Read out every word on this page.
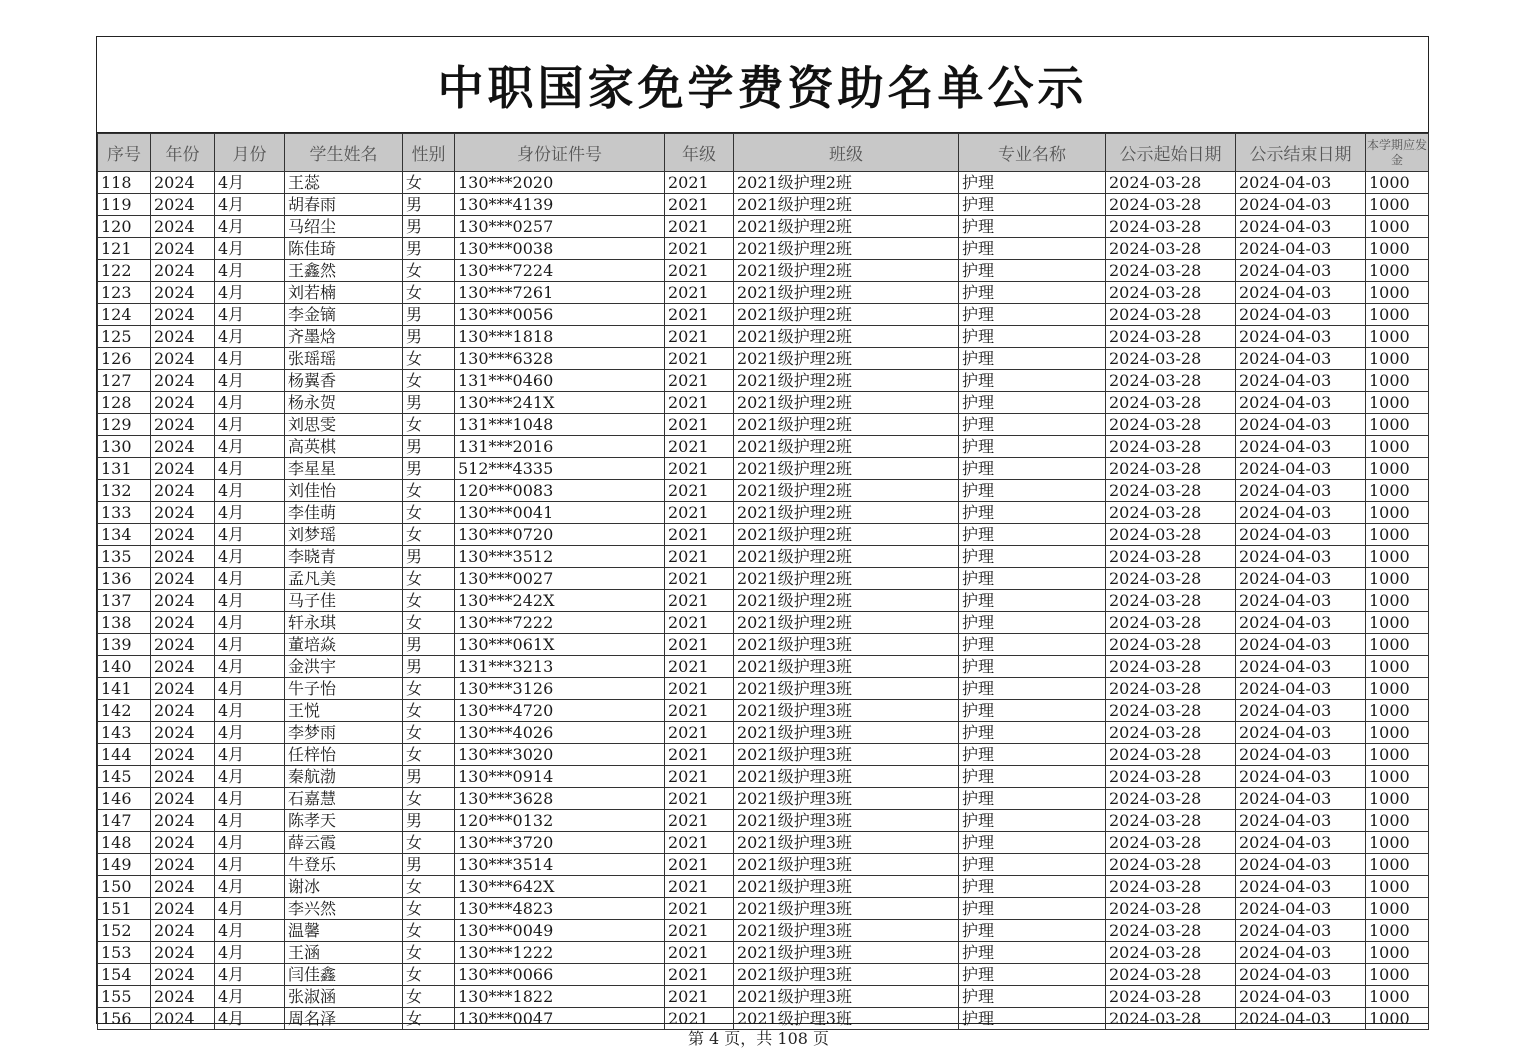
中职国家免学费资助名单公示
序号	年份	月份	学生姓名	性别	身份证件号	年级	班级	专业名称	公示起始日期	公示结束日期	本学期应发金
118	2024	4月	王蕊	女	130***2020	2021	2021级护理2班	护理	2024-03-28	2024-04-03	1000
119	2024	4月	胡春雨	男	130***4139	2021	2021级护理2班	护理	2024-03-28	2024-04-03	1000
120	2024	4月	马绍尘	男	130***0257	2021	2021级护理2班	护理	2024-03-28	2024-04-03	1000
121	2024	4月	陈佳琦	男	130***0038	2021	2021级护理2班	护理	2024-03-28	2024-04-03	1000
122	2024	4月	王鑫然	女	130***7224	2021	2021级护理2班	护理	2024-03-28	2024-04-03	1000
123	2024	4月	刘若楠	女	130***7261	2021	2021级护理2班	护理	2024-03-28	2024-04-03	1000
124	2024	4月	李金镝	男	130***0056	2021	2021级护理2班	护理	2024-03-28	2024-04-03	1000
125	2024	4月	齐墨焓	男	130***1818	2021	2021级护理2班	护理	2024-03-28	2024-04-03	1000
126	2024	4月	张瑶瑶	女	130***6328	2021	2021级护理2班	护理	2024-03-28	2024-04-03	1000
127	2024	4月	杨翼香	女	131***0460	2021	2021级护理2班	护理	2024-03-28	2024-04-03	1000
128	2024	4月	杨永贺	男	130***241X	2021	2021级护理2班	护理	2024-03-28	2024-04-03	1000
129	2024	4月	刘思雯	女	131***1048	2021	2021级护理2班	护理	2024-03-28	2024-04-03	1000
130	2024	4月	高英棋	男	131***2016	2021	2021级护理2班	护理	2024-03-28	2024-04-03	1000
131	2024	4月	李星星	男	512***4335	2021	2021级护理2班	护理	2024-03-28	2024-04-03	1000
132	2024	4月	刘佳怡	女	120***0083	2021	2021级护理2班	护理	2024-03-28	2024-04-03	1000
133	2024	4月	李佳萌	女	130***0041	2021	2021级护理2班	护理	2024-03-28	2024-04-03	1000
134	2024	4月	刘梦瑶	女	130***0720	2021	2021级护理2班	护理	2024-03-28	2024-04-03	1000
135	2024	4月	李晓青	男	130***3512	2021	2021级护理2班	护理	2024-03-28	2024-04-03	1000
136	2024	4月	孟凡美	女	130***0027	2021	2021级护理2班	护理	2024-03-28	2024-04-03	1000
137	2024	4月	马子佳	女	130***242X	2021	2021级护理2班	护理	2024-03-28	2024-04-03	1000
138	2024	4月	轩永琪	女	130***7222	2021	2021级护理2班	护理	2024-03-28	2024-04-03	1000
139	2024	4月	董培焱	男	130***061X	2021	2021级护理3班	护理	2024-03-28	2024-04-03	1000
140	2024	4月	金洪宇	男	131***3213	2021	2021级护理3班	护理	2024-03-28	2024-04-03	1000
141	2024	4月	牛子怡	女	130***3126	2021	2021级护理3班	护理	2024-03-28	2024-04-03	1000
142	2024	4月	王悦	女	130***4720	2021	2021级护理3班	护理	2024-03-28	2024-04-03	1000
143	2024	4月	李梦雨	女	130***4026	2021	2021级护理3班	护理	2024-03-28	2024-04-03	1000
144	2024	4月	任梓怡	女	130***3020	2021	2021级护理3班	护理	2024-03-28	2024-04-03	1000
145	2024	4月	秦航渤	男	130***0914	2021	2021级护理3班	护理	2024-03-28	2024-04-03	1000
146	2024	4月	石嘉慧	女	130***3628	2021	2021级护理3班	护理	2024-03-28	2024-04-03	1000
147	2024	4月	陈孝天	男	120***0132	2021	2021级护理3班	护理	2024-03-28	2024-04-03	1000
148	2024	4月	薛云霞	女	130***3720	2021	2021级护理3班	护理	2024-03-28	2024-04-03	1000
149	2024	4月	牛登乐	男	130***3514	2021	2021级护理3班	护理	2024-03-28	2024-04-03	1000
150	2024	4月	谢冰	女	130***642X	2021	2021级护理3班	护理	2024-03-28	2024-04-03	1000
151	2024	4月	李兴然	女	130***4823	2021	2021级护理3班	护理	2024-03-28	2024-04-03	1000
152	2024	4月	温馨	女	130***0049	2021	2021级护理3班	护理	2024-03-28	2024-04-03	1000
153	2024	4月	王涵	女	130***1222	2021	2021级护理3班	护理	2024-03-28	2024-04-03	1000
154	2024	4月	闫佳鑫	女	130***0066	2021	2021级护理3班	护理	2024-03-28	2024-04-03	1000
155	2024	4月	张淑涵	女	130***1822	2021	2021级护理3班	护理	2024-03-28	2024-04-03	1000
156	2024	4月	周名泽	女	130***0047	2021	2021级护理3班	护理	2024-03-28	2024-04-03	1000
第 4 页，共 108 页
